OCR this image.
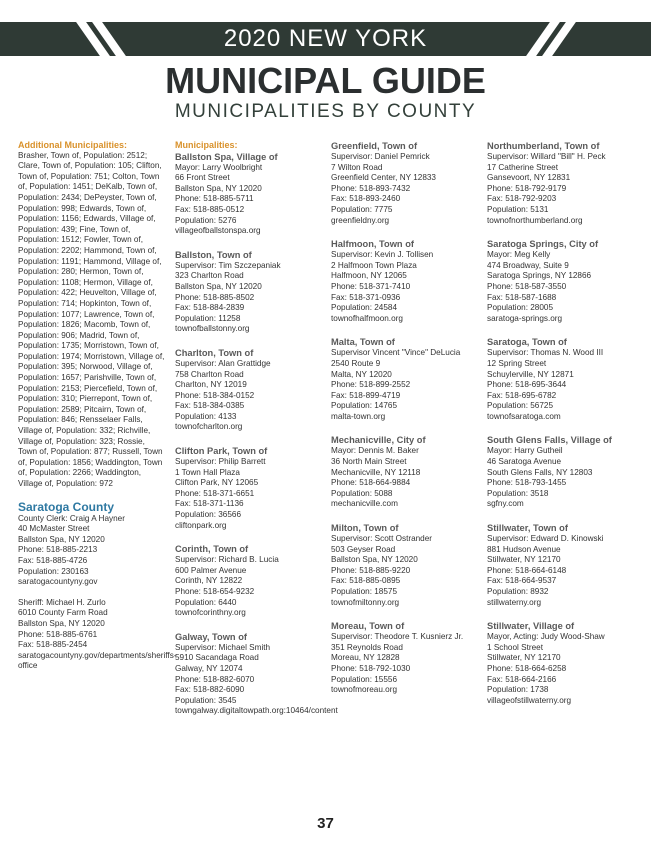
2020 NEW YORK
MUNICIPAL GUIDE
MUNICIPALITIES BY COUNTY
Additional Municipalities:
Brasher, Town of, Population: 2512; Clare, Town of, Population: 105; Clifton, Town of, Population: 751; Colton, Town of, Population: 1451; DeKalb, Town of, Population: 2434; DePeyster, Town of, Population: 998; Edwards, Town of, Population: 1156; Edwards, Village of, Population: 439; Fine, Town of, Population: 1512; Fowler, Town of, Population: 2202; Hammond, Town of, Population: 1191; Hammond, Village of, Population: 280; Hermon, Town of, Population: 1108; Hermon, Village of, Population: 422; Heuvelton, Village of, Population: 714; Hopkinton, Town of, Population: 1077; Lawrence, Town of, Population: 1826; Macomb, Town of, Population: 906; Madrid, Town of, Population: 1735; Morristown, Town of, Population: 1974; Morristown, Village of, Population: 395; Norwood, Village of, Population: 1657; Parishville, Town of, Population: 2153; Piercefield, Town of, Population: 310; Pierrepont, Town of, Population: 2589; Pitcairn, Town of, Population: 846; Rensselaer Falls, Village of, Population: 332; Richville, Village of, Population: 323; Rossie, Town of, Population: 877; Russell, Town of, Population: 1856; Waddington, Town of, Population: 2266; Waddington, Village of, Population: 972
Saratoga County
County Clerk: Craig A Hayner
40 McMaster Street
Ballston Spa, NY 12020
Phone: 518-885-2213
Fax: 518-885-4726
Population: 230163
saratogacountyny.gov
Sheriff: Michael H. Zurlo
6010 County Farm Road
Ballston Spa, NY 12020
Phone: 518-885-6761
Fax: 518-885-2454
saratogacountyny.gov/departments/sheriffs-office
Municipalities:
Ballston Spa, Village of
Mayor: Larry Woolbright
66 Front Street
Ballston Spa, NY 12020
Phone: 518-885-5711
Fax: 518-885-0512
Population: 5276
villageofballstonspa.org
Ballston, Town of
Supervisor: Tim Szczepaniak
323 Charlton Road
Ballston Spa, NY 12020
Phone: 518-885-8502
Fax: 518-884-2839
Population: 11258
townofballstonny.org
Charlton, Town of
Supervisor: Alan Grattidge
758 Charlton Road
Charlton, NY 12019
Phone: 518-384-0152
Fax: 518-384-0385
Population: 4133
townofcharlton.org
Clifton Park, Town of
Supervisor: Philip Barrett
1 Town Hall Plaza
Clifton Park, NY 12065
Phone: 518-371-6651
Fax: 518-371-1136
Population: 36566
cliftonpark.org
Corinth, Town of
Supervisor: Richard B. Lucia
600 Palmer Avenue
Corinth, NY 12822
Phone: 518-654-9232
Population: 6440
townofcorinthny.org
Galway, Town of
Supervisor: Michael Smith
5910 Sacandaga Road
Galway, NY 12074
Phone: 518-882-6070
Fax: 518-882-6090
Population: 3545
towngalway.digitaltowpath.org:10464/content
Greenfield, Town of
Supervisor: Daniel Pemrick
7 Wilton Road
Greenfield Center, NY 12833
Phone: 518-893-7432
Fax: 518-893-2460
Population: 7775
greenfieldny.org
Halfmoon, Town of
Supervisor: Kevin J. Tollisen
2 Halfmoon Town Plaza
Halfmoon, NY 12065
Phone: 518-371-7410
Fax: 518-371-0936
Population: 24584
townofhalfmoon.org
Malta, Town of
Supervisor Vincent "Vince" DeLucia
2540 Route 9
Malta, NY 12020
Phone: 518-899-2552
Fax: 518-899-4719
Population: 14765
malta-town.org
Mechanicville, City of
Mayor: Dennis M. Baker
36 North Main Street
Mechanicville, NY 12118
Phone: 518-664-9884
Population: 5088
mechanicville.com
Milton, Town of
Supervisor: Scott Ostrander
503 Geyser Road
Ballston Spa, NY 12020
Phone: 518-885-9220
Fax: 518-885-0895
Population: 18575
townofmiltonny.org
Moreau, Town of
Supervisor: Theodore T. Kusnierz Jr.
351 Reynolds Road
Moreau, NY 12828
Phone: 518-792-1030
Population: 15556
townofmoreau.org
Northumberland, Town of
Supervisor: Willard "Bill" H. Peck
17 Catherine Street
Gansevoort, NY 12831
Phone: 518-792-9179
Fax: 518-792-9203
Population: 5131
townofnorthumberland.org
Saratoga Springs, City of
Mayor: Meg Kelly
474 Broadway, Suite 9
Saratoga Springs, NY 12866
Phone: 518-587-3550
Fax: 518-587-1688
Population: 28005
saratoga-springs.org
Saratoga, Town of
Supervisor: Thomas N. Wood III
12 Spring Street
Schuylerville, NY 12871
Phone: 518-695-3644
Fax: 518-695-6782
Population: 56725
townofsaratoga.com
South Glens Falls, Village of
Mayor: Harry Gutheil
46 Saratoga Avenue
South Glens Falls, NY 12803
Phone: 518-793-1455
Population: 3518
sgfny.com
Stillwater, Town of
Supervisor: Edward D. Kinowski
881 Hudson Avenue
Stillwater, NY 12170
Phone: 518-664-6148
Fax: 518-664-9537
Population: 8932
stillwaterny.org
Stillwater, Village of
Mayor, Acting: Judy Wood-Shaw
1 School Street
Stillwater, NY 12170
Phone: 518-664-6258
Fax: 518-664-2166
Population: 1738
villageofstillwaterny.org
37
